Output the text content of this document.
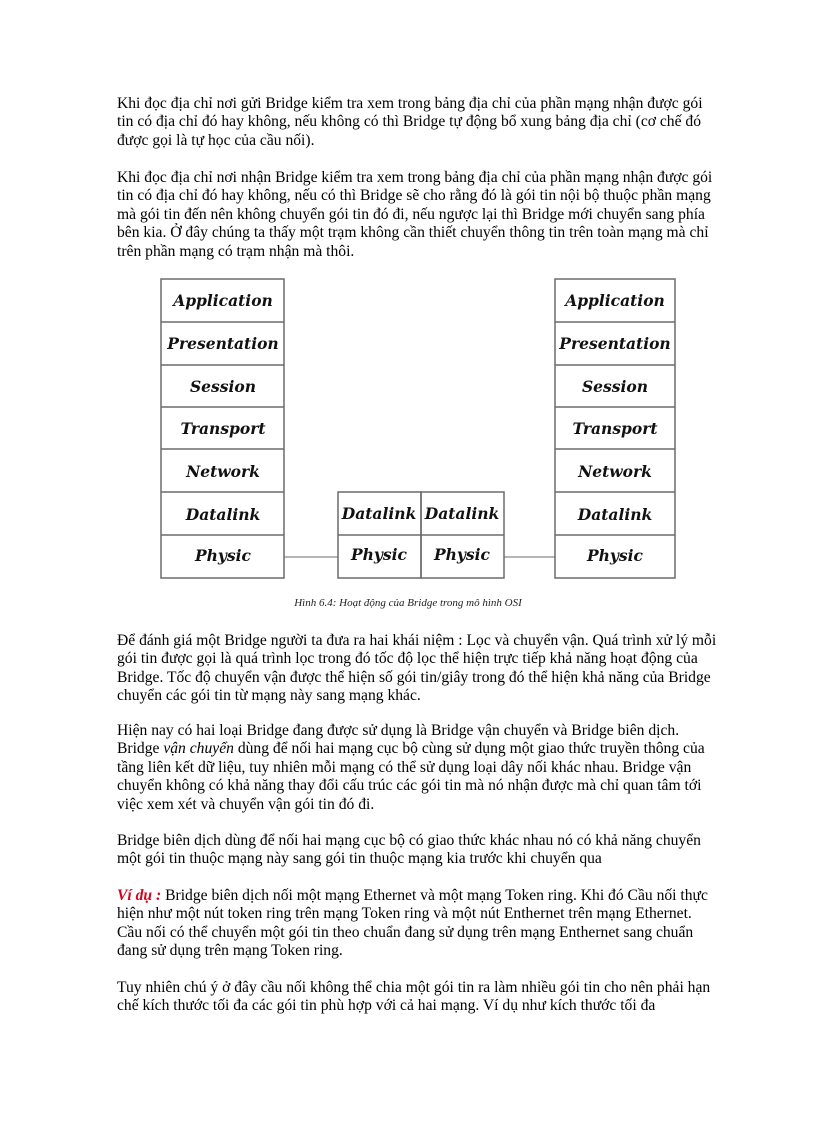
Khi đọc địa chỉ nơi gửi Bridge kiểm tra xem trong bảng địa chỉ của phần mạng nhận được gói tin có địa chỉ đó hay không, nếu không có thì Bridge tự động bổ xung bảng địa chỉ (cơ chế đó được gọi là tự học của cầu nối).

Khi đọc địa chỉ nơi nhận Bridge kiểm tra xem trong bảng địa chỉ của phần mạng nhận được gói tin có địa chỉ đó hay không, nếu có thì Bridge sẽ cho rằng đó là gói tin nội bộ thuộc phần mạng mà gói tin đến nên không chuyển gói tin đó đi, nếu ngược lại thì Bridge mới chuyển sang phía bên kia. Ở đây chúng ta thấy một trạm không cần thiết chuyển thông tin trên toàn mạng mà chỉ trên phần mạng có trạm nhận mà thôi.

Application
Presentation
Session
Transport
Network
Datalink
Physic
Application
Presentation
Session
Transport
Network
Datalink
Physic
Datalink
Physic
Datalink
Physic
Hình 6.4: Hoạt động của Bridge trong mô hình OSI

Để đánh giá một Bridge người ta đưa ra hai khái niệm : Lọc và chuyển vận. Quá trình xử lý mỗi gói tin được gọi là quá trình lọc trong đó tốc độ lọc thể hiện trực tiếp khả năng hoạt động của Bridge. Tốc độ chuyển vận được thể hiện số gói tin/giây trong đó thể hiện khả năng của Bridge chuyển các gói tin từ mạng này sang mạng khác.

Hiện nay có hai loại Bridge đang được sử dụng là Bridge vận chuyển và Bridge biên dịch. Bridge vận chuyển dùng để nối hai mạng cục bộ cùng sử dụng một giao thức truyền thông của tầng liên kết dữ liệu, tuy nhiên mỗi mạng có thể sử dụng loại dây nối khác nhau. Bridge vận chuyển không có khả năng thay đổi cấu trúc các gói tin mà nó nhận được mà chỉ quan tâm tới việc xem xét và chuyển vận gói tin đó đi.

Bridge biên dịch dùng để nối hai mạng cục bộ có giao thức khác nhau nó có khả năng chuyển một gói tin thuộc mạng này sang gói tin thuộc mạng kia trước khi chuyển qua

Ví dụ : Bridge biên dịch nối một mạng Ethernet và một mạng Token ring. Khi đó Cầu nối thực hiện như một nút token ring trên mạng Token ring và một nút Enthernet trên mạng Ethernet. Cầu nối có thể chuyển một gói tin theo chuẩn đang sử dụng trên mạng Enthernet sang chuẩn đang sử dụng trên mạng Token ring.

Tuy nhiên chú ý ở đây cầu nối không thể chia một gói tin ra làm nhiều gói tin cho nên phải hạn chế kích thước tối đa các gói tin phù hợp với cả hai mạng. Ví dụ như kích thước tối đa
